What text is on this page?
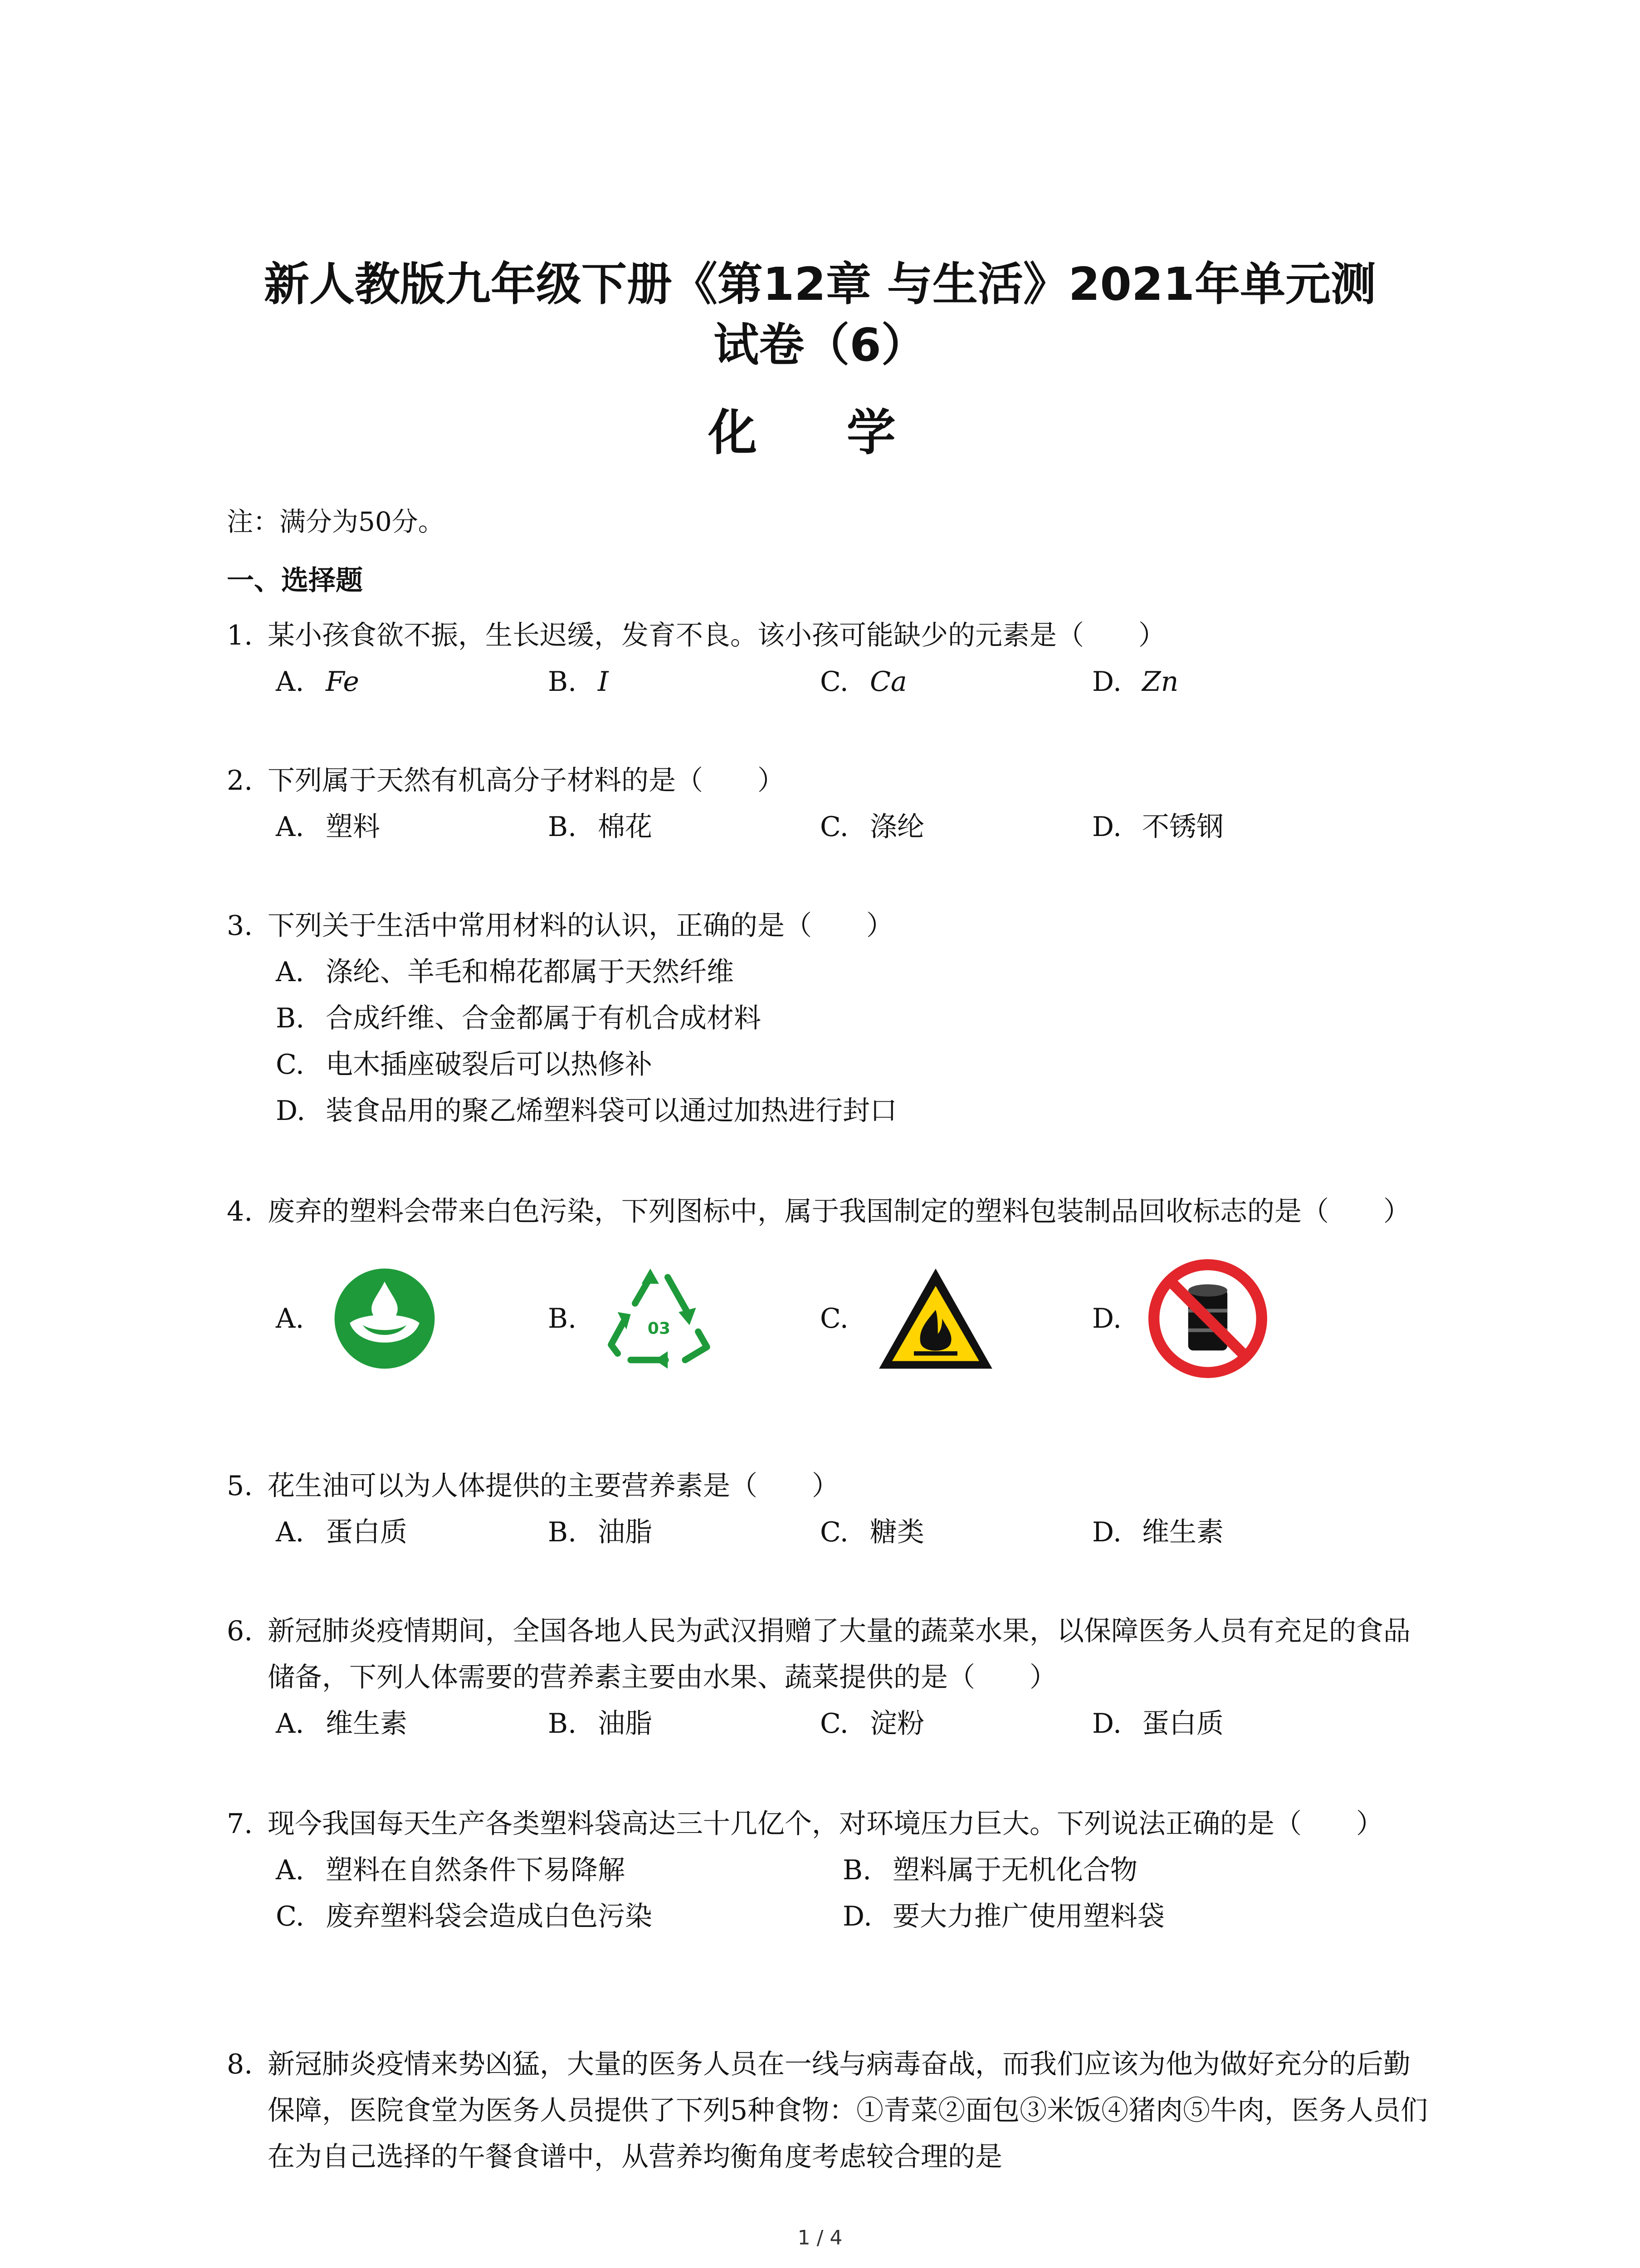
新人教版九年级下册《第12章 与生活》2021年单元测
试卷（6）
化 学
注：满分为50分。
一、选择题
1. 某小孩食欲不振，生长迟缓，发育不良。该小孩可能缺少的元素是（　　）
A. Fe	B. I	C. Ca	D. Zn
2. 下列属于天然有机高分子材料的是（　　）
A. 塑料	B. 棉花	C. 涤纶	D. 不锈钢
3. 下列关于生活中常用材料的认识，正确的是（　　）
A. 涤纶、羊毛和棉花都属于天然纤维
B. 合成纤维、合金都属于有机合成材料
C. 电木插座破裂后可以热修补
D. 装食品用的聚乙烯塑料袋可以通过加热进行封口
4. 废弃的塑料会带来白色污染，下列图标中，属于我国制定的塑料包装制品回收标志的是（　　）
A.	B.	03	C.	D.
5. 花生油可以为人体提供的主要营养素是（　　）
A. 蛋白质	B. 油脂	C. 糖类	D. 维生素
6. 新冠肺炎疫情期间，全国各地人民为武汉捐赠了大量的蔬菜水果，以保障医务人员有充足的食品储备，下列人体需要的营养素主要由水果、蔬菜提供的是（　　）
A. 维生素	B. 油脂	C. 淀粉	D. 蛋白质
7. 现今我国每天生产各类塑料袋高达三十几亿个，对环境压力巨大。下列说法正确的是（　　）
A. 塑料在自然条件下易降解	B. 塑料属于无机化合物
C. 废弃塑料袋会造成白色污染	D. 要大力推广使用塑料袋
8. 新冠肺炎疫情来势凶猛，大量的医务人员在一线与病毒奋战，而我们应该为他为做好充分的后勤保障，医院食堂为医务人员提供了下列5种食物：①青菜②面包③米饭④猪肉⑤牛肉，医务人员们在为自己选择的午餐食谱中，从营养均衡角度考虑较合理的是
1 / 4
